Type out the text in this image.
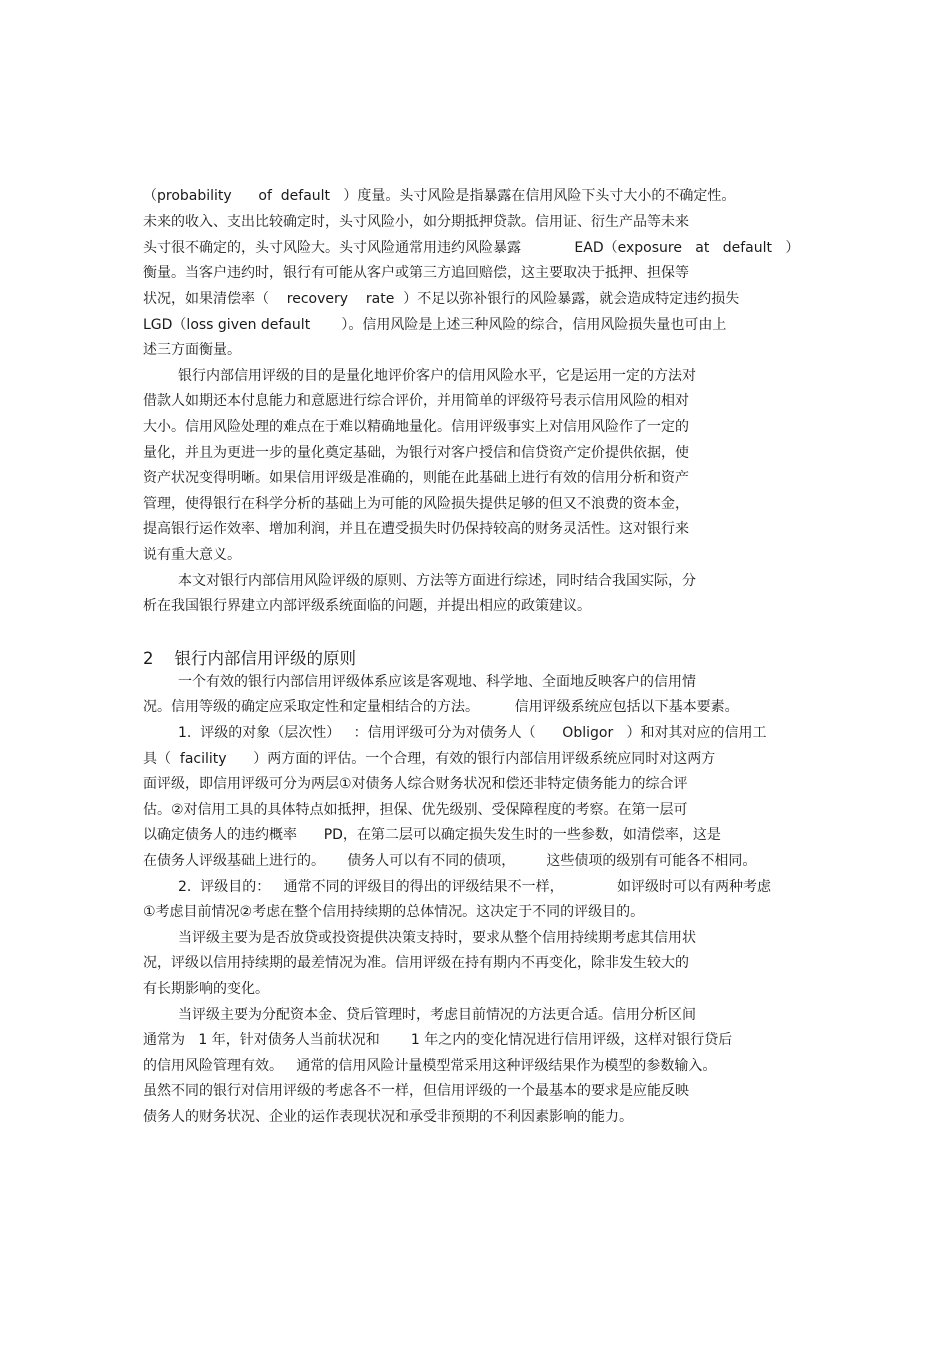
（probability      of  default   ）度量。头寸风险是指暴露在信用风险下头寸大小的不确定性。
未来的收入、支出比较确定时，头寸风险小，如分期抵押贷款。信用证、衍生产品等未来
头寸很不确定的，头寸风险大。头寸风险通常用违约风险暴露            EAD（exposure   at   default   ）
衡量。当客户违约时，银行有可能从客户或第三方追回赔偿，这主要取决于抵押、担保等
状况，如果清偿率（    recovery    rate  ）不足以弥补银行的风险暴露，就会造成特定违约损失
LGD（loss given default       ）。信用风险是上述三种风险的综合，信用风险损失量也可由上
述三方面衡量。
银行内部信用评级的目的是量化地评价客户的信用风险水平，它是运用一定的方法对
借款人如期还本付息能力和意愿进行综合评价，并用简单的评级符号表示信用风险的相对
大小。信用风险处理的难点在于难以精确地量化。信用评级事实上对信用风险作了一定的
量化，并且为更进一步的量化奠定基础，为银行对客户授信和信贷资产定价提供依据，使
资产状况变得明晰。如果信用评级是准确的，则能在此基础上进行有效的信用分析和资产
管理，使得银行在科学分析的基础上为可能的风险损失提供足够的但又不浪费的资本金，
提高银行运作效率、增加利润，并且在遭受损失时仍保持较高的财务灵活性。这对银行来
说有重大意义。
本文对银行内部信用风险评级的原则、方法等方面进行综述，同时结合我国实际，分
析在我国银行界建立内部评级系统面临的问题，并提出相应的政策建议。
2    银行内部信用评级的原则
一个有效的银行内部信用评级体系应该是客观地、科学地、全面地反映客户的信用情
况。信用等级的确定应采取定性和定量相结合的方法。        信用评级系统应包括以下基本要素。
1.  评级的对象（层次性）   ：信用评级可分为对债务人（      Obligor   ）和对其对应的信用工
具（  facility      ）两方面的评估。一个合理，有效的银行内部信用评级系统应同时对这两方
面评级，即信用评级可分为两层①对债务人综合财务状况和偿还非特定债务能力的综合评
估。②对信用工具的具体特点如抵押，担保、优先级别、受保障程度的考察。在第一层可
以确定债务人的违约概率      PD，在第二层可以确定损失发生时的一些参数，如清偿率，这是
在债务人评级基础上进行的。     债务人可以有不同的债项，       这些债项的级别有可能各不相同。
2.  评级目的：   通常不同的评级目的得出的评级结果不一样，            如评级时可以有两种考虑
①考虑目前情况②考虑在整个信用持续期的总体情况。这决定于不同的评级目的。
当评级主要为是否放贷或投资提供决策支持时，要求从整个信用持续期考虑其信用状
况，评级以信用持续期的最差情况为准。信用评级在持有期内不再变化，除非发生较大的
有长期影响的变化。
当评级主要为分配资本金、贷后管理时，考虑目前情况的方法更合适。信用分析区间
通常为   1 年，针对债务人当前状况和       1 年之内的变化情况进行信用评级，这样对银行贷后
的信用风险管理有效。   通常的信用风险计量模型常采用这种评级结果作为模型的参数输入。
虽然不同的银行对信用评级的考虑各不一样，但信用评级的一个最基本的要求是应能反映
债务人的财务状况、企业的运作表现状况和承受非预期的不利因素影响的能力。
